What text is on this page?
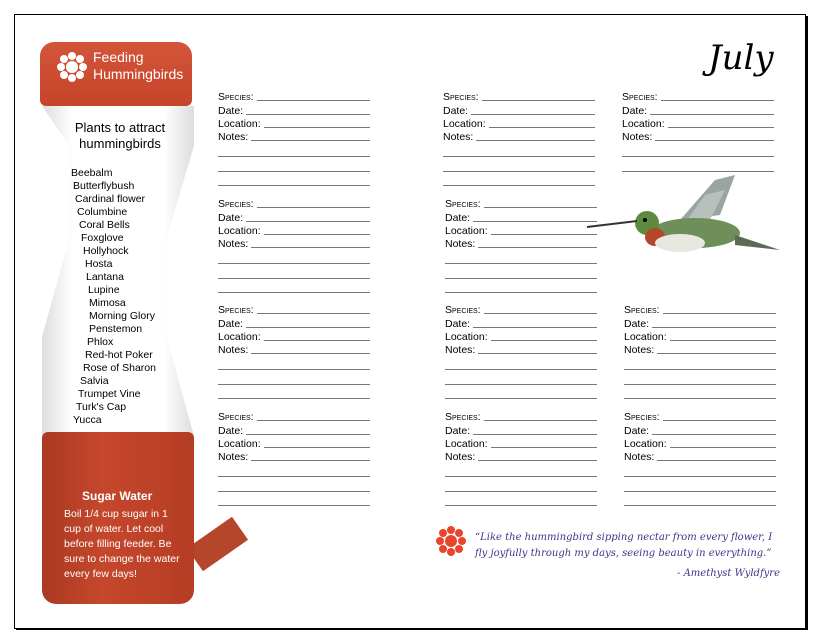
Feeding
Hummingbirds
Plants to attract hummingbirds
Beebalm
Butterflybush
Cardinal flower
Columbine
Coral Bells
Foxglove
Hollyhock
Hosta
Lantana
Lupine
Mimosa
Morning Glory
Penstemon
Phlox
Red-hot Poker
Rose of Sharon
Salvia
Trumpet Vine
Turk's Cap
Yucca
Sugar Water
Boil 1/4 cup sugar in 1 cup of water. Let cool before filling feeder. Be sure to change the water every few days!
Species:
Date:
Location:
Notes:
Species:
Date:
Location:
Notes:
Species:
Date:
Location:
Notes:
Species:
Date:
Location:
Notes:
Species:
Date:
Location:
Notes:
Species:
Date:
Location:
Notes:
Species:
Date:
Location:
Notes:
Species:
Date:
Location:
Notes:
Species:
Date:
Location:
Notes:
Species:
Date:
Location:
Notes:
Species:
Date:
Location:
Notes:
July
“Like the hummingbird sipping nectar from every flower, I fly joyfully through my days, seeing beauty in everything.”
- Amethyst Wyldfyre
